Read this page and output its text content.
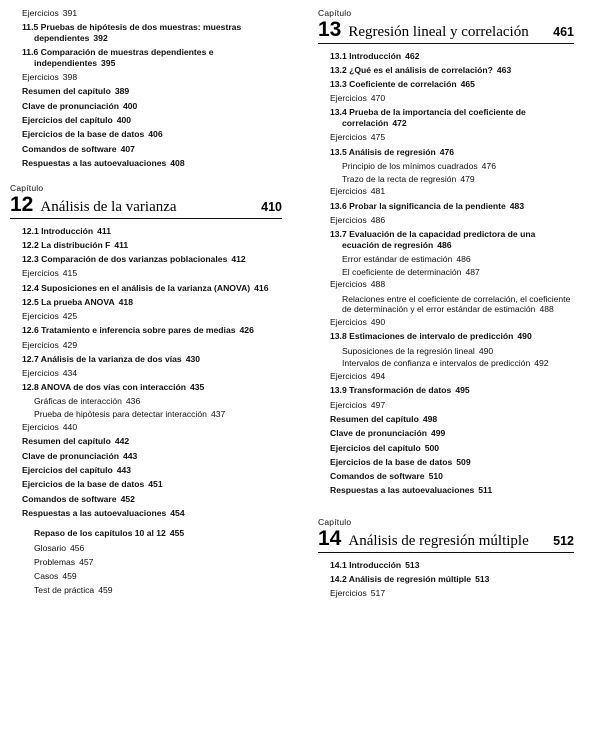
Ejercicios 391
11.5 Pruebas de hipótesis de dos muestras: muestras dependientes 392
11.6 Comparación de muestras dependientes e independientes 395
Ejercicios 398
Resumen del capítulo 389
Clave de pronunciación 400
Ejercicios del capítulo 400
Ejercicios de la base de datos 406
Comandos de software 407
Respuestas a las autoevaluaciones 408
Capítulo
12 Análisis de la varianza	410
12.1 Introducción 411
12.2 La distribución F 411
12.3 Comparación de dos varianzas poblacionales 412
Ejercicios 415
12.4 Suposiciones en el análisis de la varianza (ANOVA) 416
12.5 La prueba ANOVA 418
Ejercicios 425
12.6 Tratamiento e inferencia sobre pares de medias 426
Ejercicios 429
12.7 Análisis de la varianza de dos vías 430
Ejercicios 434
12.8 ANOVA de dos vías con interacción 435
Gráficas de interacción 436
Prueba de hipótesis para detectar interacción 437
Ejercicios 440
Resumen del capítulo 442
Clave de pronunciación 443
Ejercicios del capítulo 443
Ejercicios de la base de datos 451
Comandos de software 452
Respuestas a las autoevaluaciones 454
Repaso de los capítulos 10 al 12 455
Glosario 456
Problemas 457
Casos 459
Test de práctica 459
Capítulo
13 Regresión lineal y correlación	461
13.1 Introducción 462
13.2 ¿Qué es el análisis de correlación? 463
13.3 Coeficiente de correlación 465
Ejercicios 470
13.4 Prueba de la importancia del coeficiente de correlación 472
Ejercicios 475
13.5 Análisis de regresión 476
Principio de los mínimos cuadrados 476
Trazo de la recta de regresión 479
Ejercicios 481
13.6 Probar la significancia de la pendiente 483
Ejercicios 486
13.7 Evaluación de la capacidad predictora de una ecuación de regresión 486
Error estándar de estimación 486
El coeficiente de determinación 487
Ejercicios 488
Relaciones entre el coeficiente de correlación, el coeficiente de determinación y el error estándar de estimación 488
Ejercicios 490
13.8 Estimaciones de intervalo de predicción 490
Suposiciones de la regresión lineal 490
Intervalos de confianza e intervalos de predicción 492
Ejercicios 494
13.9 Transformación de datos 495
Ejercicios 497
Resumen del capítulo 498
Clave de pronunciación 499
Ejercicios del capítulo 500
Ejercicios de la base de datos 509
Comandos de software 510
Respuestas a las autoevaluaciones 511
Capítulo
14 Análisis de regresión múltiple	512
14.1 Introducción 513
14.2 Análisis de regresión múltiple 513
Ejercicios 517
